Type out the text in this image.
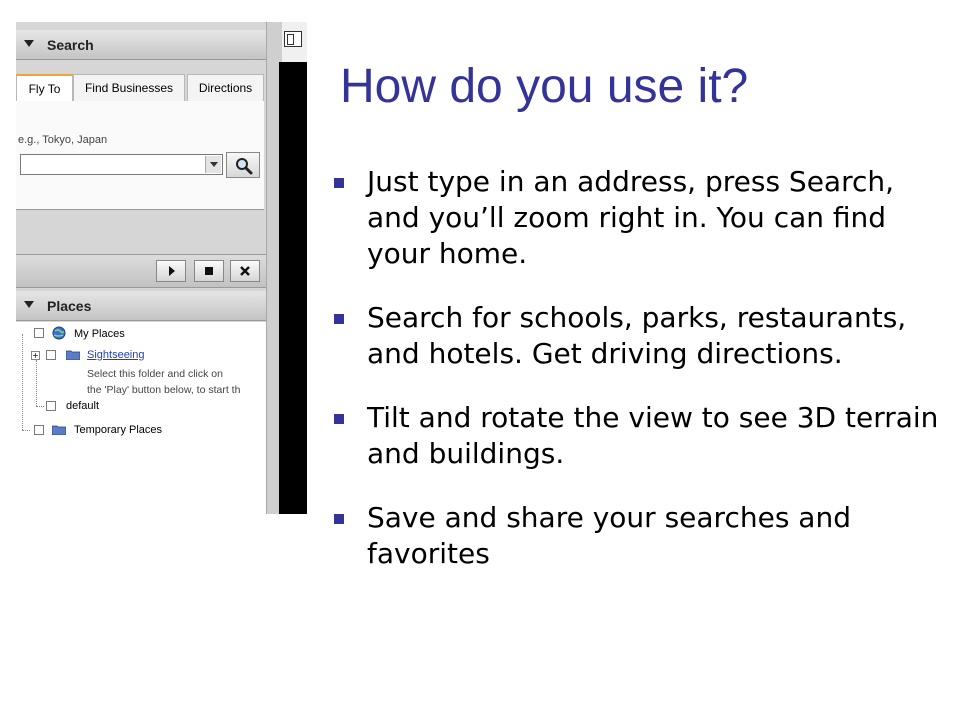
Search
Fly To	Find Businesses	Directions
e.g., Tokyo, Japan
Places
My Places
+	Sightseeing
Select this folder and click on
the 'Play' button below, to start th
default
Temporary Places
How do you use it?
Just type in an address, press Search, and you’ll zoom right in. You can find your home.
Search for schools, parks, restaurants, and hotels. Get driving directions.
Tilt and rotate the view to see 3D terrain and buildings.
Save and share your searches and favorites
